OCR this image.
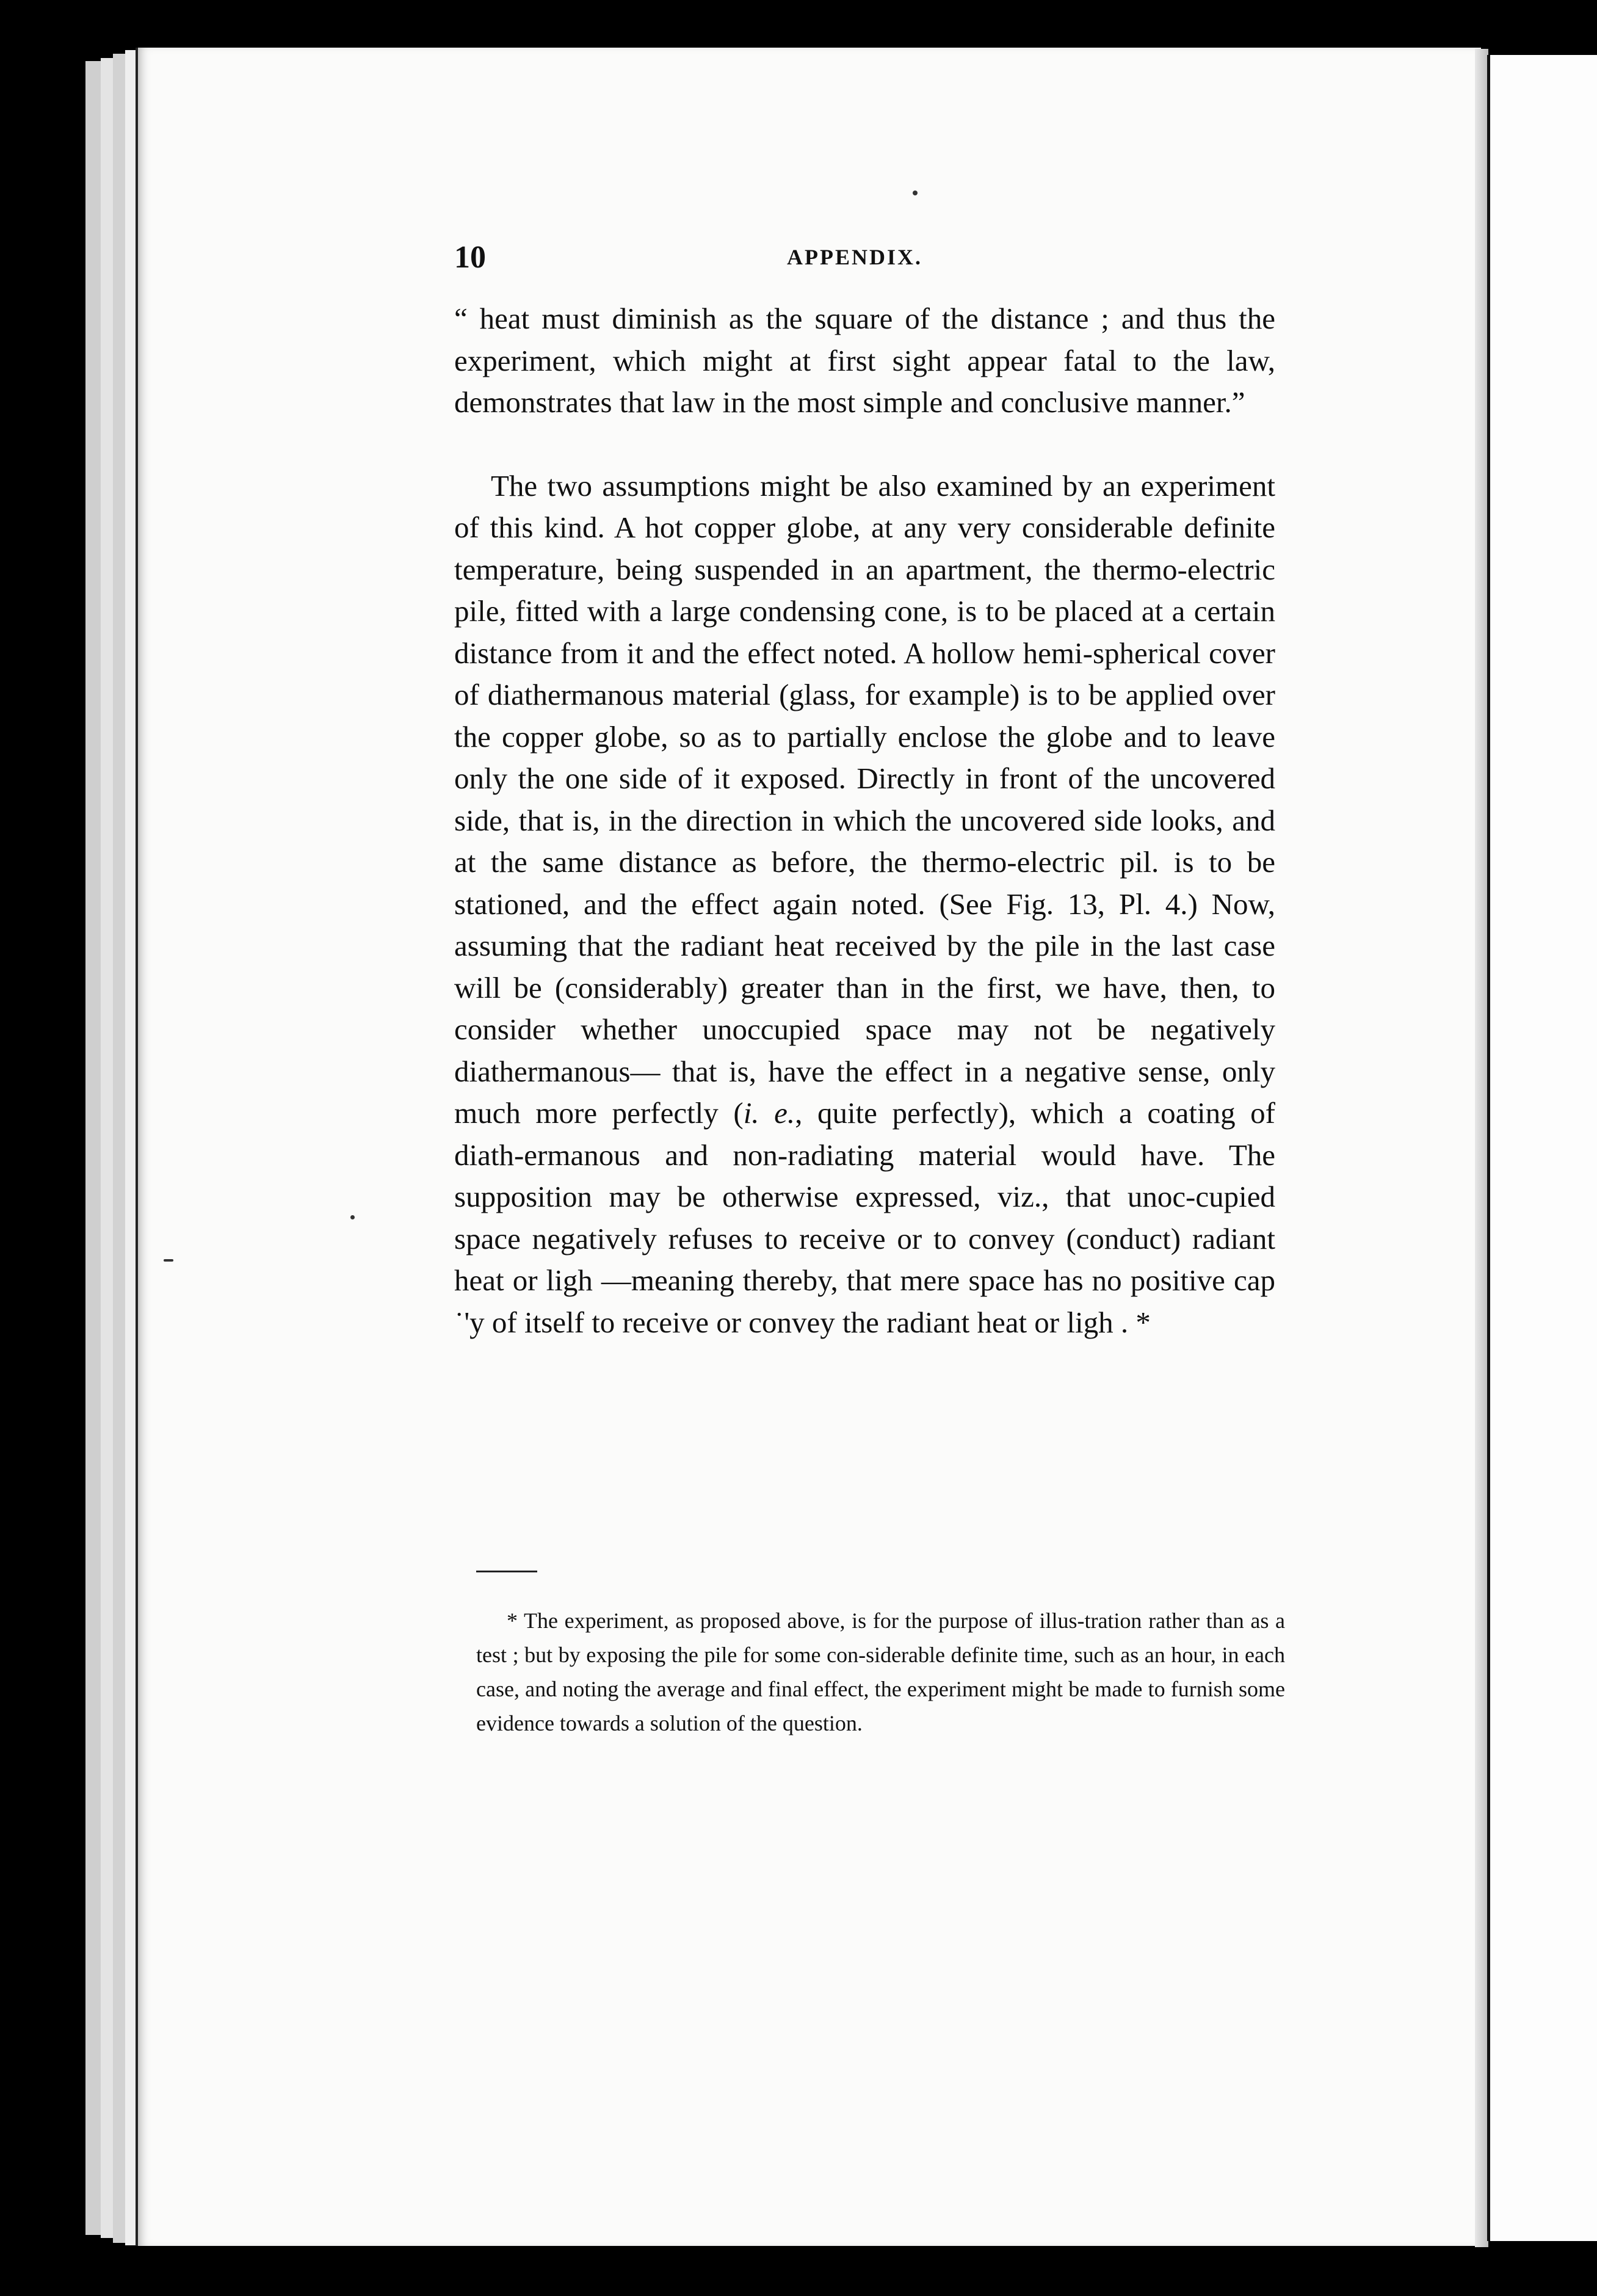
10	APPENDIX.

“ heat must diminish as the square of the distance ; and thus the experiment, which might at first sight appear fatal to the law, demonstrates that law in the most simple and conclusive manner.”

The two assumptions might be also examined by an experiment of this kind. A hot copper globe, at any very considerable definite temperature, being suspended in an apartment, the thermo-electric pile, fitted with a large condensing cone, is to be placed at a certain distance from it and the effect noted. A hollow hemi-spherical cover of diathermanous material (glass, for example) is to be applied over the copper globe, so as to partially enclose the globe and to leave only the one side of it exposed. Directly in front of the uncovered side, that is, in the direction in which the uncovered side looks, and at the same distance as before, the thermo-electric pil. is to be stationed, and the effect again noted. (See Fig. 13, Pl. 4.) Now, assuming that the radiant heat received by the pile in the last case will be (considerably) greater than in the first, we have, then, to consider whether unoccupied space may not be negatively diathermanous— that is, have the effect in a negative sense, only much more perfectly (i. e., quite perfectly), which a coating of diath-ermanous and non-radiating material would have. The supposition may be otherwise expressed, viz., that unoc-cupied space negatively refuses to receive or to convey (conduct) radiant heat or ligh —meaning thereby, that mere space has no positive cap ˙'y of itself to receive or convey the radiant heat or ligh . *

* The experiment, as proposed above, is for the purpose of illus-tration rather than as a test ; but by exposing the pile for some con-siderable definite time, such as an hour, in each case, and noting the average and final effect, the experiment might be made to furnish some evidence towards a solution of the question.
